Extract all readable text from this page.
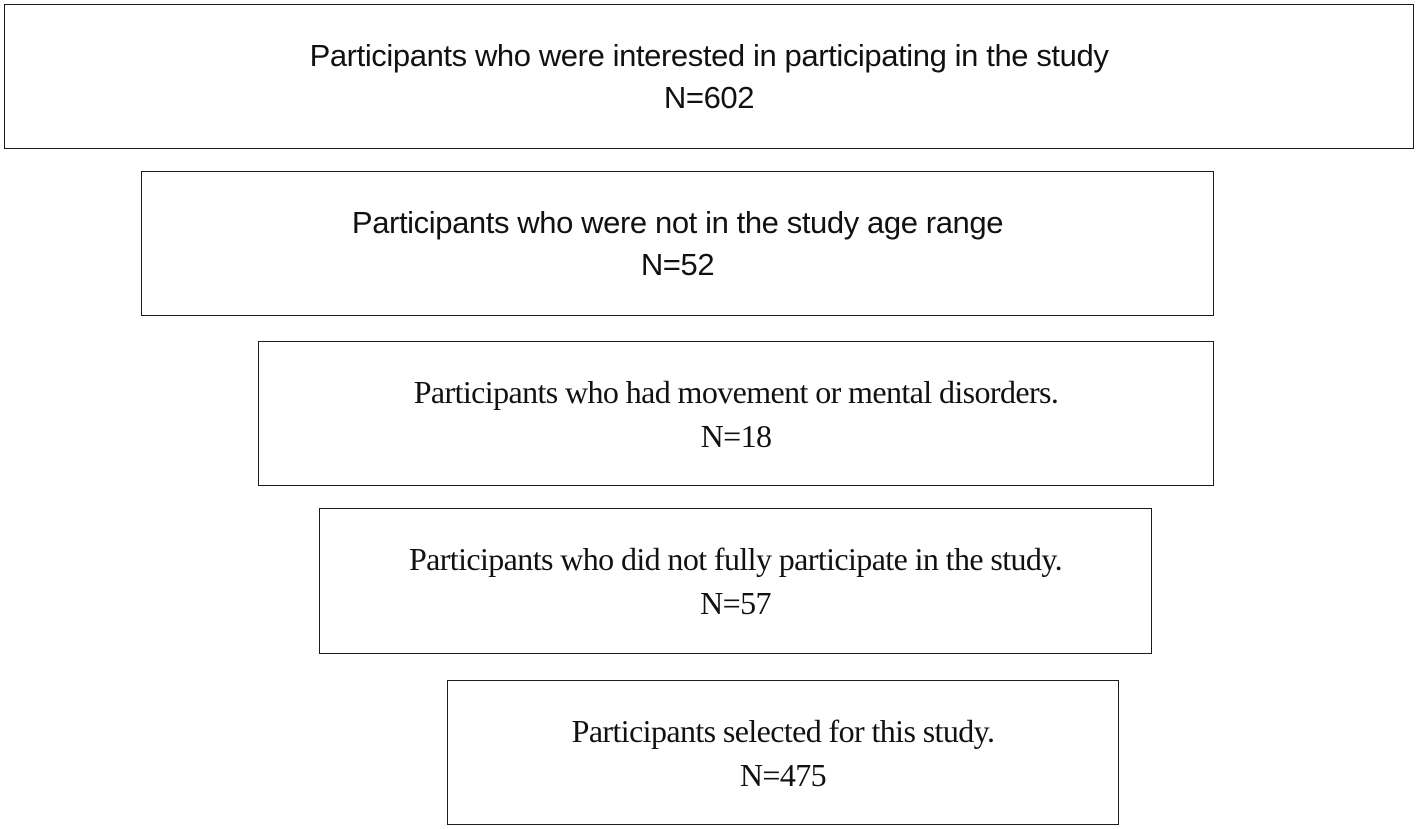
Participants who were interested in participating in the study
N=602
Participants who were not in the study age range
N=52
Participants who had movement or mental disorders.
N=18
Participants who did not fully participate in the study.
N=57
Participants selected for this study.
N=475
